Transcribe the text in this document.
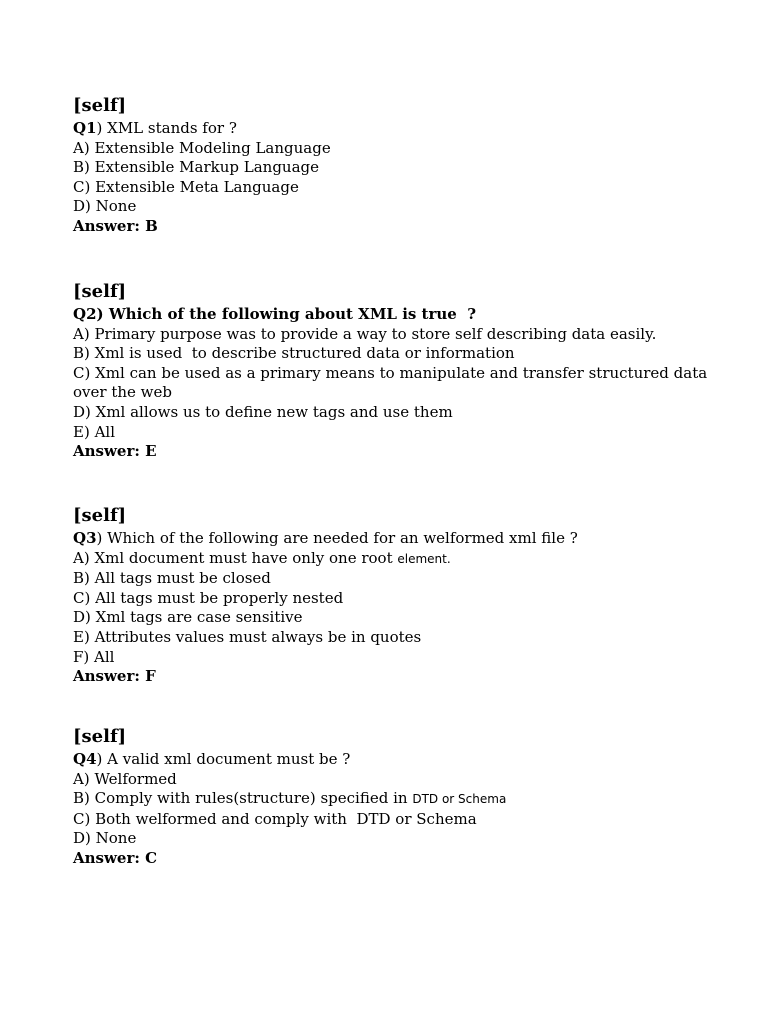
[self]
Q1) XML stands for ?
A) Extensible Modeling Language
B) Extensible Markup Language
C) Extensible Meta Language
D) None
Answer: B
[self]
Q2) Which of the following about XML is true  ?
A) Primary purpose was to provide a way to store self describing data easily.
B) Xml is used  to describe structured data or information
C) Xml can be used as a primary means to manipulate and transfer structured data
over the web
D) Xml allows us to define new tags and use them
E) All
Answer: E
[self]
Q3) Which of the following are needed for an welformed xml file ?
A) Xml document must have only one root element.
B) All tags must be closed
C) All tags must be properly nested
D) Xml tags are case sensitive
E) Attributes values must always be in quotes
F) All
Answer: F
[self]
Q4) A valid xml document must be ?
A) Welformed
B) Comply with rules(structure) specified in DTD or Schema
C) Both welformed and comply with  DTD or Schema
D) None
Answer: C
